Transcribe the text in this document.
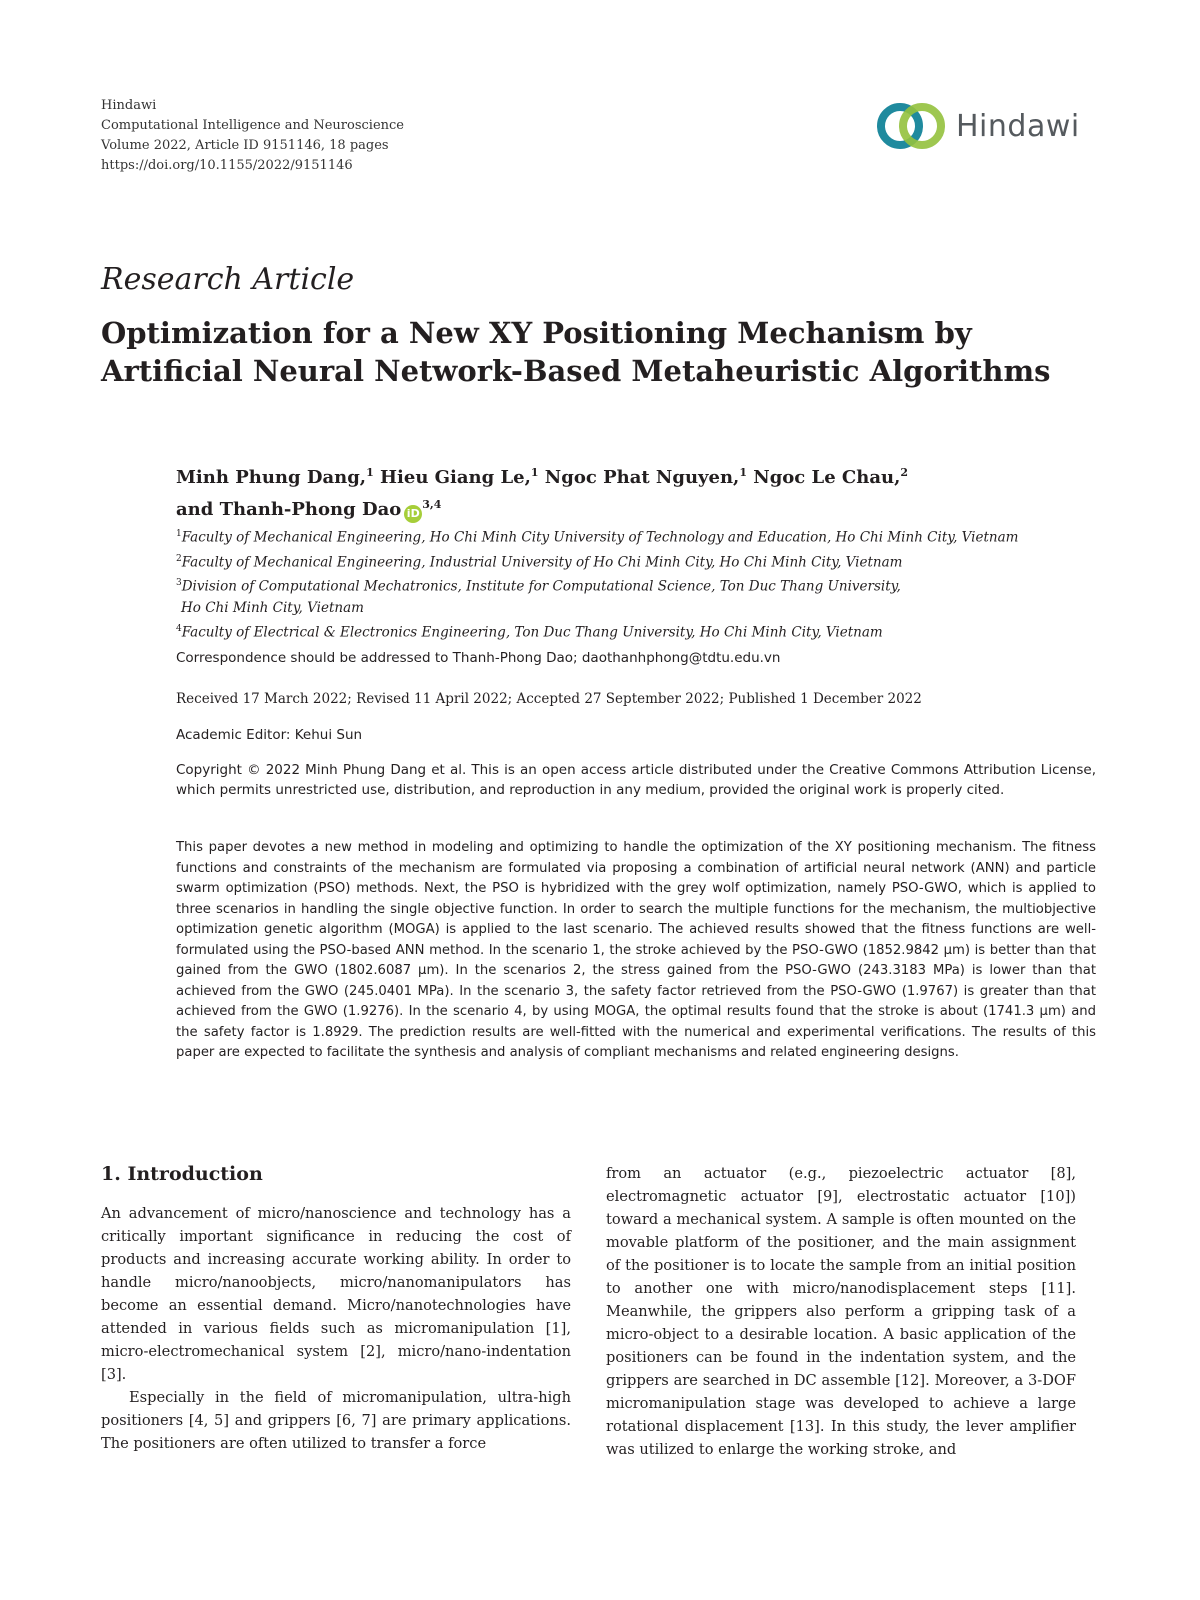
Hindawi
Computational Intelligence and Neuroscience
Volume 2022, Article ID 9151146, 18 pages
https://doi.org/10.1155/2022/9151146
Hindawi
Research Article
Optimization for a New XY Positioning Mechanism by Artificial Neural Network-Based Metaheuristic Algorithms
Minh Phung Dang,$^1$ Hieu Giang Le,$^1$ Ngoc Phat Nguyen,$^1$ Ngoc Le Chau,$^2$
and Thanh-Phong Dao iD$^{3,4}$
$^1$Faculty of Mechanical Engineering, Ho Chi Minh City University of Technology and Education, Ho Chi Minh City, Vietnam
$^2$Faculty of Mechanical Engineering, Industrial University of Ho Chi Minh City, Ho Chi Minh City, Vietnam
$^3$Division of Computational Mechatronics, Institute for Computational Science, Ton Duc Thang University,
Ho Chi Minh City, Vietnam
$^4$Faculty of Electrical & Electronics Engineering, Ton Duc Thang University, Ho Chi Minh City, Vietnam
Correspondence should be addressed to Thanh-Phong Dao; daothanhphong@tdtu.edu.vn
Received 17 March 2022; Revised 11 April 2022; Accepted 27 September 2022; Published 1 December 2022
Academic Editor: Kehui Sun

Copyright © 2022 Minh Phung Dang et al. This is an open access article distributed under the Creative Commons Attribution License, which permits unrestricted use, distribution, and reproduction in any medium, provided the original work is properly cited.

This paper devotes a new method in modeling and optimizing to handle the optimization of the XY positioning mechanism. The fitness functions and constraints of the mechanism are formulated via proposing a combination of artificial neural network (ANN) and particle swarm optimization (PSO) methods. Next, the PSO is hybridized with the grey wolf optimization, namely PSO-GWO, which is applied to three scenarios in handling the single objective function. In order to search the multiple functions for the mechanism, the multiobjective optimization genetic algorithm (MOGA) is applied to the last scenario. The achieved results showed that the fitness functions are well-formulated using the PSO-based ANN method. In the scenario 1, the stroke achieved by the PSO-GWO (1852.9842 μm) is better than that gained from the GWO (1802.6087 μm). In the scenarios 2, the stress gained from the PSO-GWO (243.3183 MPa) is lower than that achieved from the GWO (245.0401 MPa). In the scenario 3, the safety factor retrieved from the PSO-GWO (1.9767) is greater than that achieved from the GWO (1.9276). In the scenario 4, by using MOGA, the optimal results found that the stroke is about (1741.3 μm) and the safety factor is 1.8929. The prediction results are well-fitted with the numerical and experimental verifications. The results of this paper are expected to facilitate the synthesis and analysis of compliant mechanisms and related engineering designs.

1. Introduction

An advancement of micro/nanoscience and technology has a critically important significance in reducing the cost of products and increasing accurate working ability. In order to handle micro/nanoobjects, micro/nanomanipulators has become an essential demand. Micro/nanotechnologies have attended in various fields such as micromanipulation [1], micro-electromechanical system [2], micro/nano-indentation [3].

Especially in the field of micromanipulation, ultra-high positioners [4, 5] and grippers [6, 7] are primary applications. The positioners are often utilized to transfer a force

from an actuator (e.g., piezoelectric actuator [8], electromagnetic actuator [9], electrostatic actuator [10]) toward a mechanical system. A sample is often mounted on the movable platform of the positioner, and the main assignment of the positioner is to locate the sample from an initial position to another one with micro/nanodisplacement steps [11]. Meanwhile, the grippers also perform a gripping task of a micro-object to a desirable location. A basic application of the positioners can be found in the indentation system, and the grippers are searched in DC assemble [12]. Moreover, a 3-DOF micromanipulation stage was developed to achieve a large rotational displacement [13]. In this study, the lever amplifier was utilized to enlarge the working stroke, and
